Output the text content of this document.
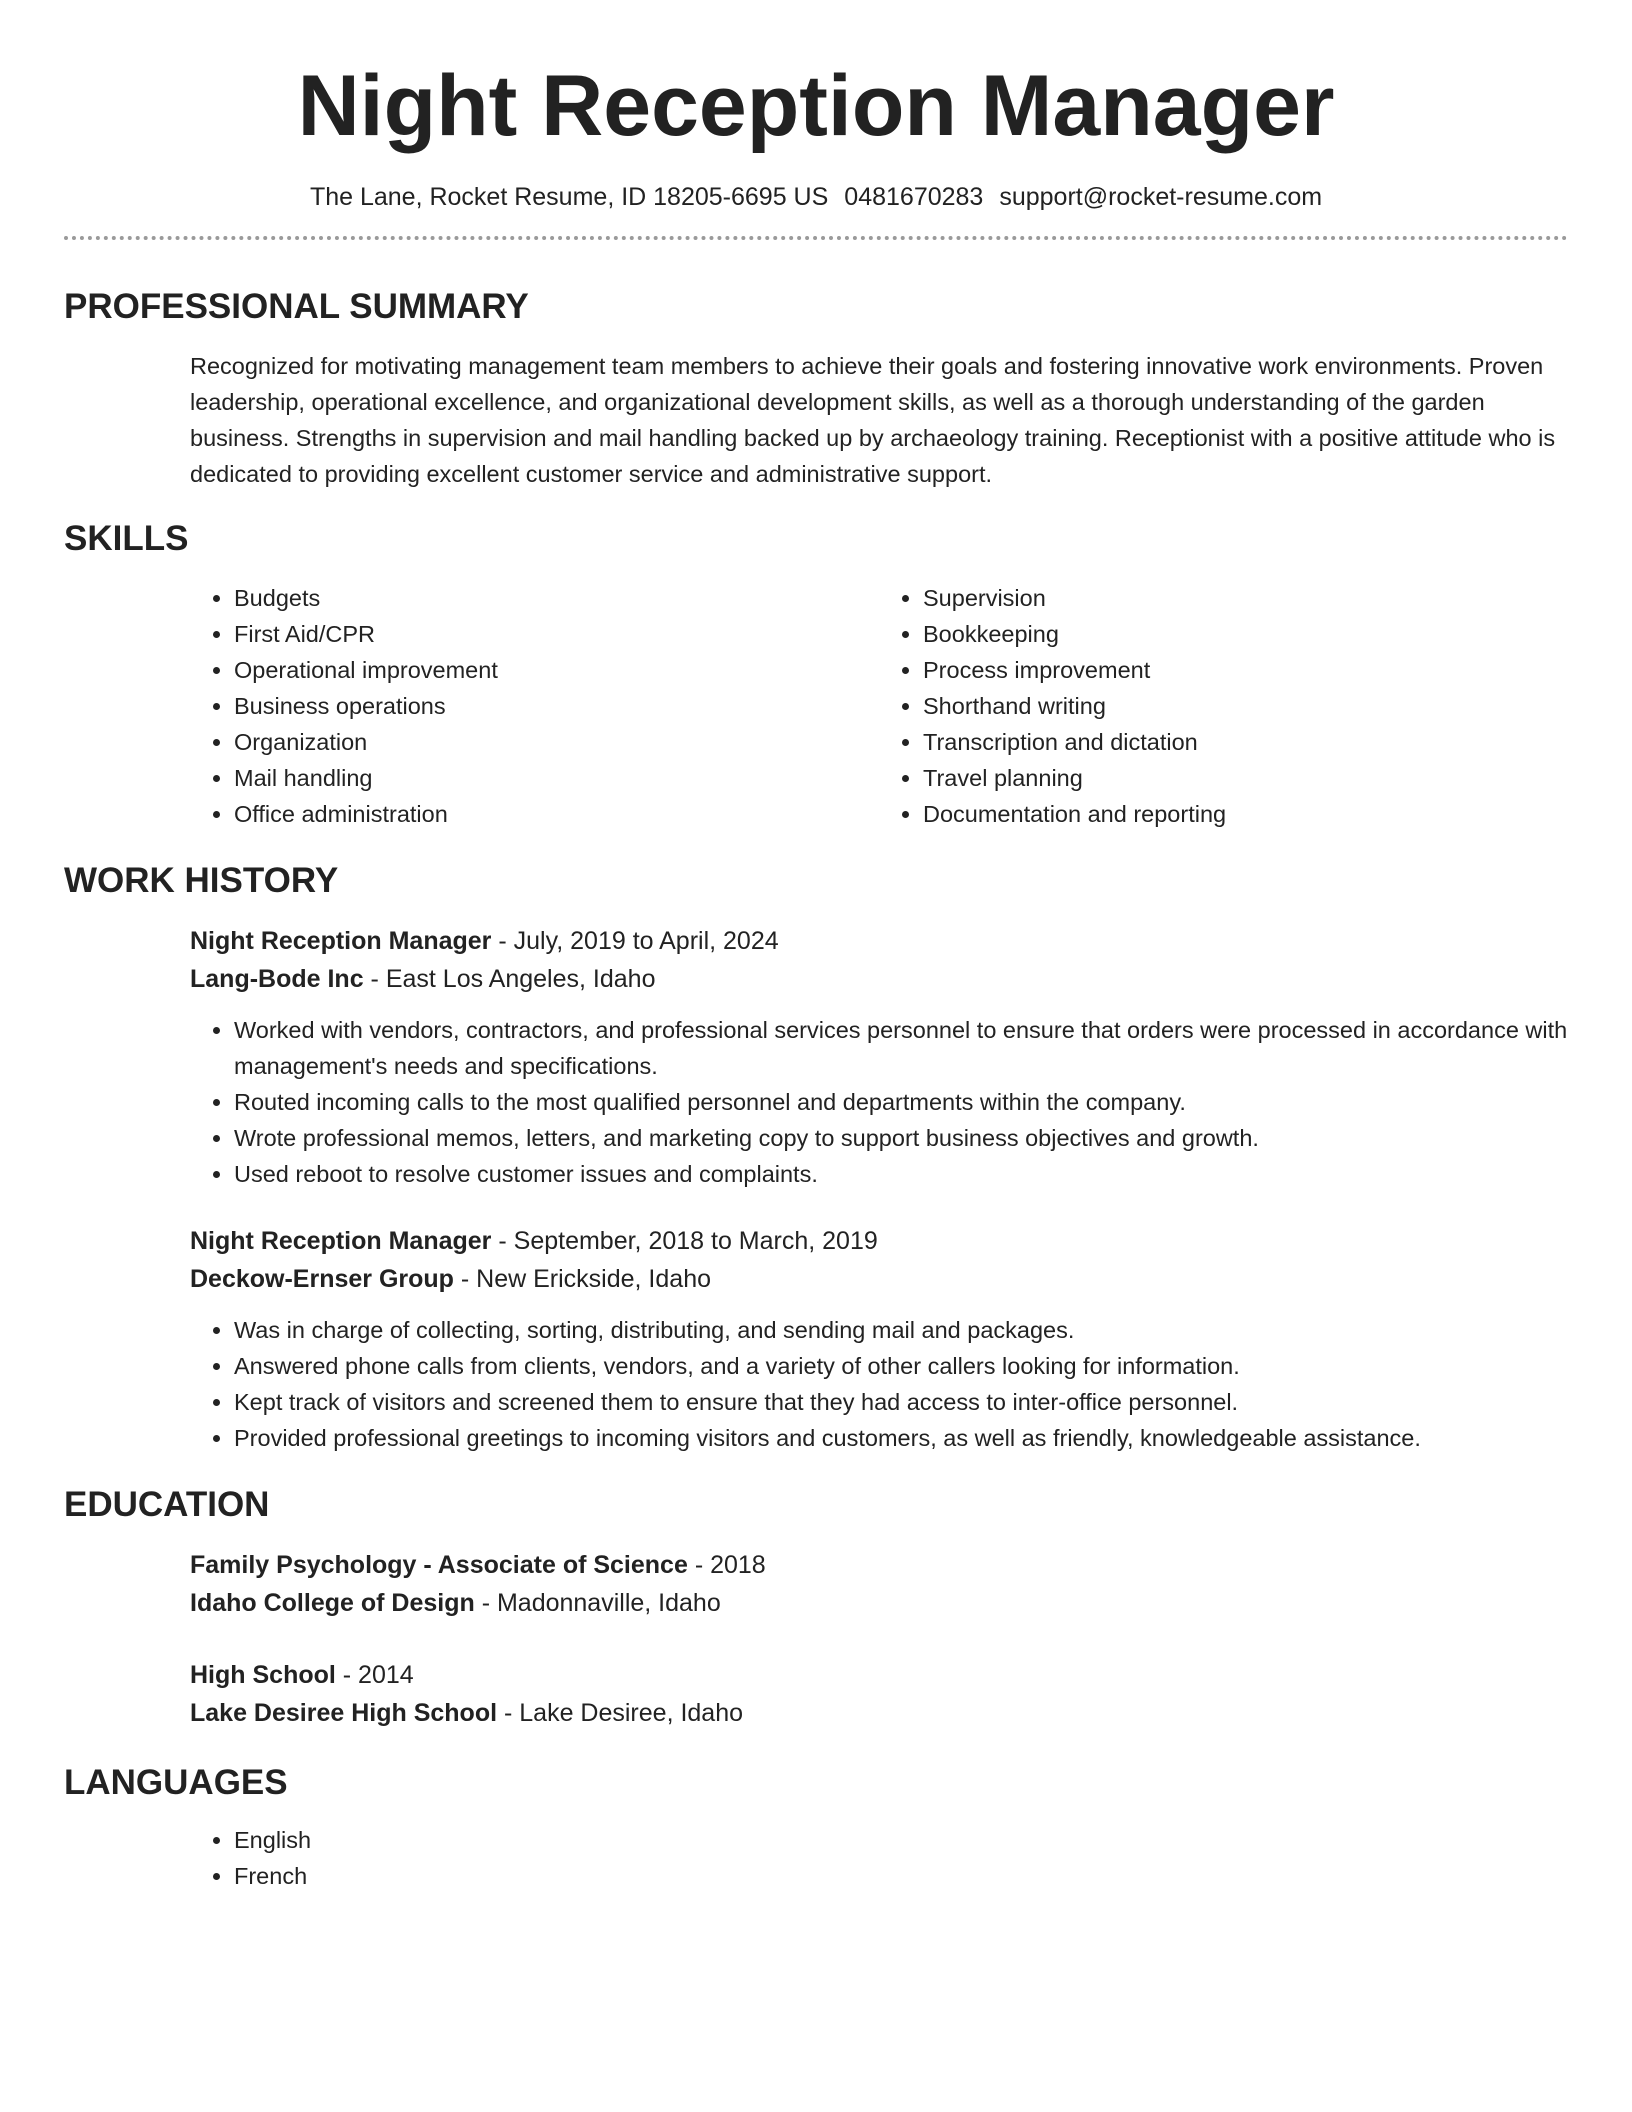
Night Reception Manager
The Lane, Rocket Resume, ID 18205-6695 US 0481670283 support@rocket-resume.com
PROFESSIONAL SUMMARY

Recognized for motivating management team members to achieve their goals and fostering innovative work environments. Proven leadership, operational excellence, and organizational development skills, as well as a thorough understanding of the garden business. Strengths in supervision and mail handling backed up by archaeology training. Receptionist with a positive attitude who is dedicated to providing excellent customer service and administrative support.

SKILLS
• Budgets
• First Aid/CPR
• Operational improvement
• Business operations
• Organization
• Mail handling
• Office administration
• Supervision
• Bookkeeping
• Process improvement
• Shorthand writing
• Transcription and dictation
• Travel planning
• Documentation and reporting
WORK HISTORY
Night Reception Manager - July, 2019 to April, 2024
Lang-Bode Inc - East Los Angeles, Idaho
• Worked with vendors, contractors, and professional services personnel to ensure that orders were processed in accordance with management's needs and specifications.
• Routed incoming calls to the most qualified personnel and departments within the company.
• Wrote professional memos, letters, and marketing copy to support business objectives and growth.
• Used reboot to resolve customer issues and complaints.
Night Reception Manager - September, 2018 to March, 2019
Deckow-Ernser Group - New Erickside, Idaho
• Was in charge of collecting, sorting, distributing, and sending mail and packages.
• Answered phone calls from clients, vendors, and a variety of other callers looking for information.
• Kept track of visitors and screened them to ensure that they had access to inter-office personnel.
• Provided professional greetings to incoming visitors and customers, as well as friendly, knowledgeable assistance.
EDUCATION
Family Psychology - Associate of Science - 2018
Idaho College of Design - Madonnaville, Idaho
High School - 2014
Lake Desiree High School - Lake Desiree, Idaho
LANGUAGES
• English
• French
